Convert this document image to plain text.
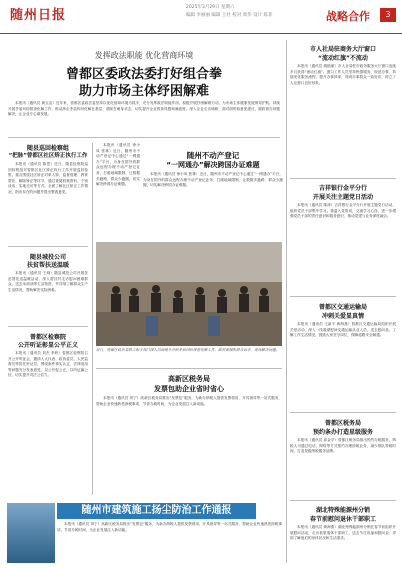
随州日报
2025年3月29日 星期六
编辑 李丽丽 编辑 王杜 校对 周华 设计 陈菲	战略合作	3
发挥政法职能 优化营商环境
曾都区委政法委打好组合拳
助力市场主体纾困解难

本报讯（通讯员 黄玉洁）近年来，曾都区委政法委坚持以优化营商环境为抓手，充分发挥政法职能作用，积极开展纾困解难行动，为市场主体健康发展保驾护航。持续开展矛盾纠纷排查化解工作，推动涉企矛盾纠纷化解在基层、消除在萌芽状态，切实提升企业的获得感和满意度。深入企业走访调研，面对面听取意见建议，跟踪督办问题解决，让企业专心谋发展。

随县巡回检察组
“把脉”曾都区社区矫正执行工作

本报讯（通讯员 陈思）近日，随县检察院巡回检察组对曾都区社区矫正执行工作开展巡回检察，重点围绕社区矫正对象入矫、监督管理、教育帮扶、解除矫正等环节，通过查阅档案资料、个别谈话、实地走访等方式，全面了解社区矫正工作情况，指出存在的问题并提出整改意见。

随县城投公司
扶贫帮扶送温暖

本报讯（通讯员 王晓）随县城投公司开展扶贫帮扶送温暖活动，深入帮扶村走访慰问困难群众，送去米面油等生活物资，并详细了解群众生产生活情况，帮助解决实际困难。

曾都区检察院
公开听证彰显公平正义

本报讯（通讯员 刘杰 李妍）曾都区检察院召开公开听证会，邀请人大代表、政协委员、人民监督员等担任听证员，围绕案件事实认定、法律适用等问题充分发表意见，以公开促公正，以听证赢公信，切实提升司法公信力。

本报讯（通讯员 徐小凤 张林）近日，随州市不动产登记中心通过“一网通办”平台，为身在国外的群众远程办理不动产登记业务，打破地域限制，让数据多跑路、群众少跑腿，切实解决跨国办证难题。

随州不动产登记
“一网通办”解决跨国办证难题

本报讯（通讯员 徐小凤 张林）近日，随州市不动产登记中心通过“一网通办”平台，为身在国外的群众远程办理不动产登记业务，打破地域限制，让数据多跑路、群众少跑腿，切实解决跨国办证难题。

近日，曾都区政法委联合相关部门深入田间地头开展矛盾纠纷排查化解工作，面对面倾听群众诉求，现场解决问题。
高新区税务局
发票包助企业省时省心

本报讯（通讯员 刘宁）高新区税务局推出“发票包”服务，为新办纳税人提供发票领用、开具指导等一站式服务，帮助企业快速熟悉涉税事项，节省办税时间，为企业发展注入新动能。

市人社局驻商务大厅窗口
“流动红旗”不流动

本报讯（通讯员 姚艳丽）市人社局驻市政务服务大厅窗口连续多月获得“流动红旗”。窗口工作人员坚持热情服务、规范办事，持续优化服务流程，提升办事效率，得到办事群众一致好评，树立了人社窗口良好形象。

吉祥银行金平分行
开展关注主题党日活动

本报讯（通讯员 陈涛）吉祥银行金平分行开展主题党日活动，组织党员干部集中学习，重温入党誓词，交流学习心得，进一步增强党员干部的责任意识和服务意识，推动党建与业务深度融合。

曾都区交通运输局
冲刺关爱显真情

本报讯（通讯员 王新宇 黄海燕）曾都区交通运输局组织开展关爱活动，深入一线看望慰问交通运输从业人员，送去慰问品，了解工作生活情况，鼓励大家坚守岗位，保障道路安全畅通。

曾都区税务局
预约条办打造星级服务

本报讯（通讯员 高金平）曾都区税务局推出预约办税服务，纳税人可通过电话、网络等方式预约办理涉税业务，减少排队等候时间，打造星级纳税服务品牌。

湖北特殊能源州分销
春节前慰问退休干部职工

本报讯（通讯员 黄海燕）湖北特殊能源州分销在春节前组织开展慰问活动，走访看望退休干部职工，送去节日祝福和慰问金，详细了解他们的身体状况和生活需求。

随州市建筑施工扬尘防治工作通报

本报讯（通讯员 刘宁）高新区税务局推出“发票包”服务，为新办纳税人提供发票领用、开具指导等一站式服务，帮助企业快速熟悉涉税事项，节省办税时间，为企业发展注入新动能。
